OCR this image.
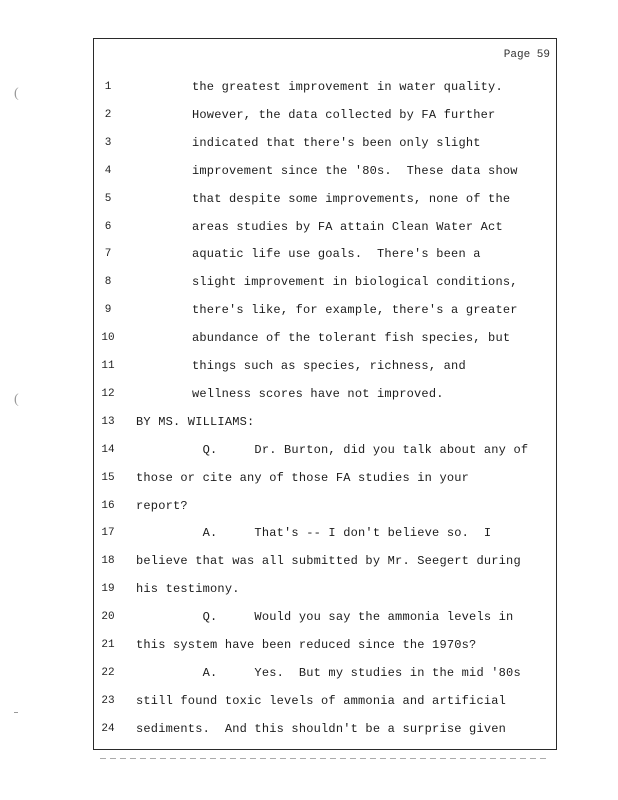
(
(
Page 59
1	the greatest improvement in water quality.
2	However, the data collected by FA further
3	indicated that there's been only slight
4	improvement since the '80s.  These data show
5	that despite some improvements, none of the
6	areas studies by FA attain Clean Water Act
7	aquatic life use goals.  There's been a
8	slight improvement in biological conditions,
9	there's like, for example, there's a greater
10	abundance of the tolerant fish species, but
11	things such as species, richness, and
12	wellness scores have not improved.
13	BY MS. WILLIAMS:
14	Q.     Dr. Burton, did you talk about any of
15	those or cite any of those FA studies in your
16	report?
17	A.     That's -- I don't believe so.  I
18	believe that was all submitted by Mr. Seegert during
19	his testimony.
20	Q.     Would you say the ammonia levels in
21	this system have been reduced since the 1970s?
22	A.     Yes.  But my studies in the mid '80s
23	still found toxic levels of ammonia and artificial
24	sediments.  And this shouldn't be a surprise given
